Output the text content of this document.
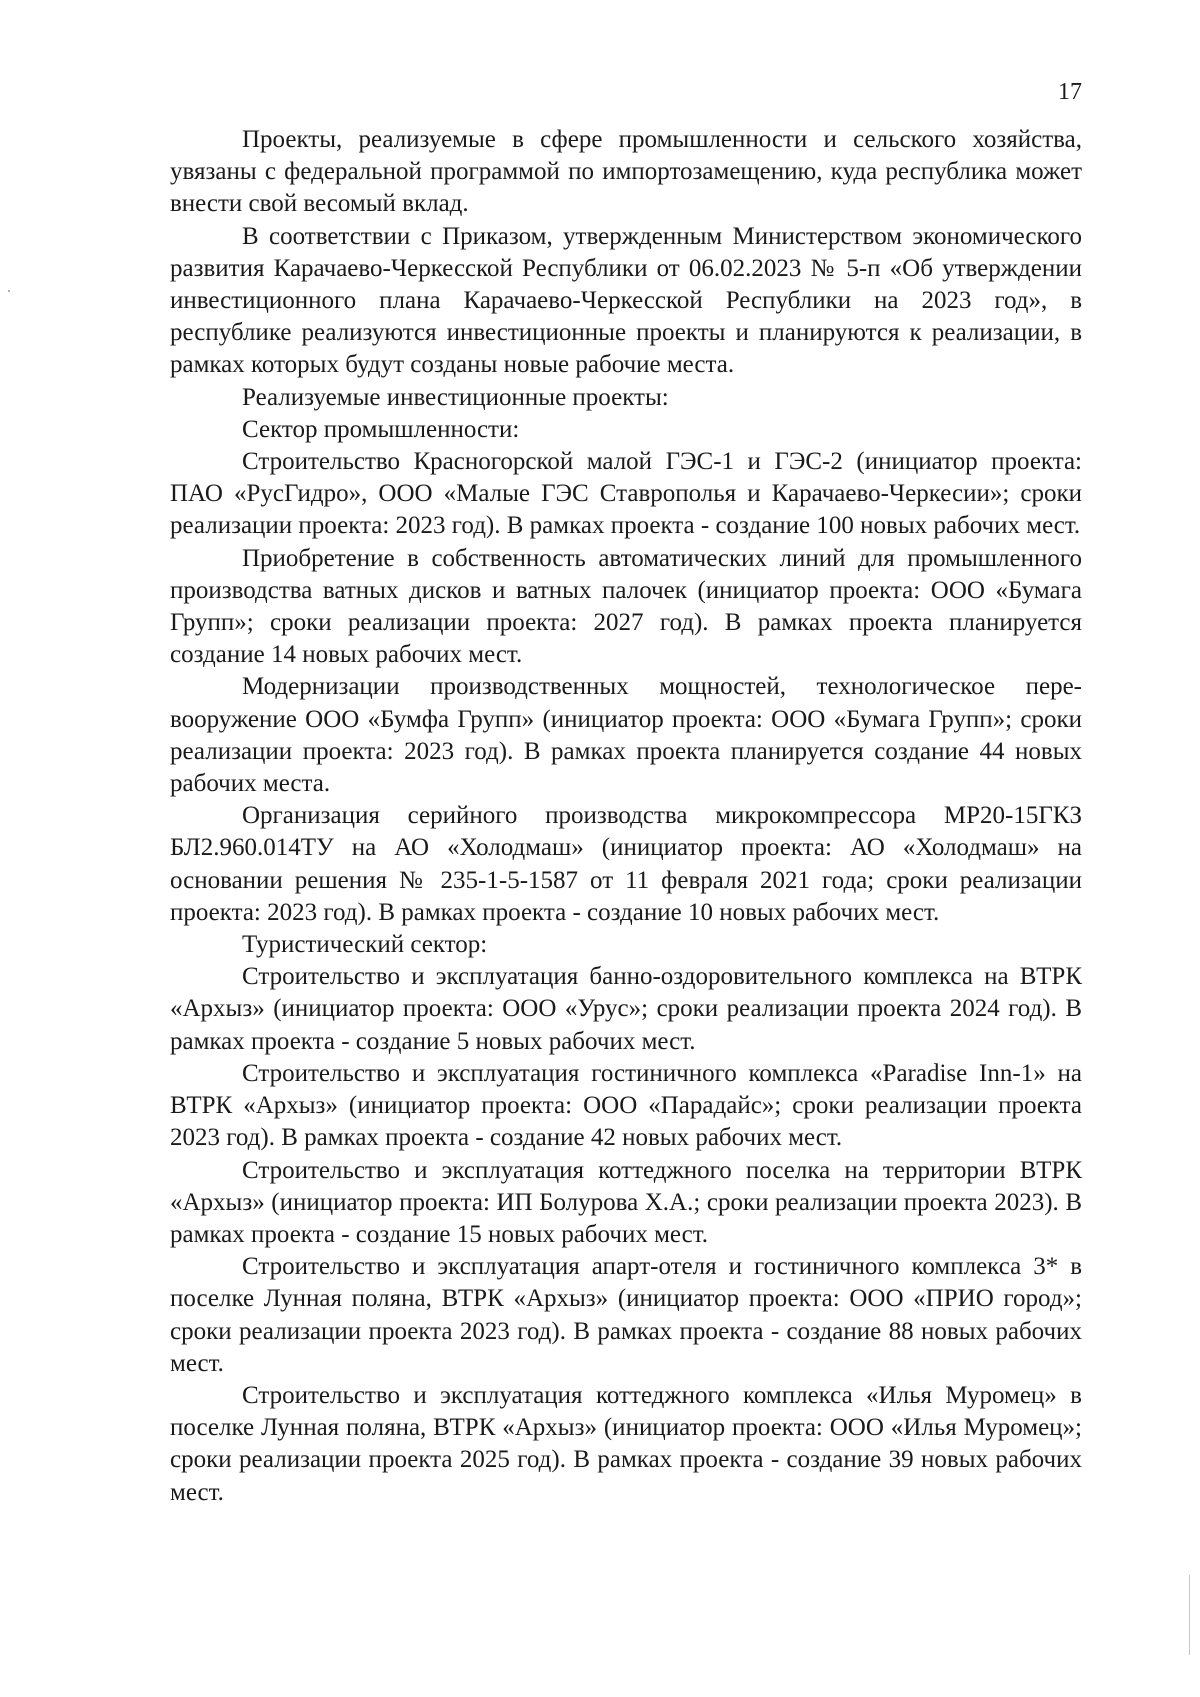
17

Проекты, реализуемые в сфере промышленности и сельского хозяйства, увязаны с федеральной программой по импортозамещению, куда республика может внести свой весомый вклад.

В соответствии с Приказом, утвержденным Министерством экономического развития Карачаево-Черкесской Республики от 06.02.2023 № 5-п «Об утверждении инвестиционного плана Карачаево-Черкесской Республики на 2023 год», в республике реализуются инвестиционные проекты и планируются к реализации, в рамках которых будут созданы новые рабочие места.

Реализуемые инвестиционные проекты:

Сектор промышленности:

Строительство Красногорской малой ГЭС-1 и ГЭС-2 (инициатор проекта: ПАО «РусГидро», ООО «Малые ГЭС Ставрополья и Карачаево-Черкесии»; сроки реализации проекта: 2023 год). В рамках проекта - создание 100 новых рабочих мест.

Приобретение в собственность автоматических линий для промышленного производства ватных дисков и ватных палочек (инициатор проекта: ООО «Бумага Групп»; сроки реализации проекта: 2027 год). В рамках проекта планируется создание 14 новых рабочих мест.

Модернизации производственных мощностей, технологическое перевооружение ООО «Бумфа Групп» (инициатор проекта: ООО «Бумага Групп»; сроки реализации проекта: 2023 год). В рамках проекта планируется создание 44 новых рабочих места.

Организация серийного производства микрокомпрессора МР20-15ГКЗ БЛ2.960.014ТУ на АО «Холодмаш» (инициатор проекта: АО «Холодмаш» на основании решения № 235-1-5-1587 от 11 февраля 2021 года; сроки реализации проекта: 2023 год). В рамках проекта - создание 10 новых рабочих мест.

Туристический сектор:

Строительство и эксплуатация банно-оздоровительного комплекса на ВТРК «Архыз» (инициатор проекта: ООО «Урус»; сроки реализации проекта 2024 год). В рамках проекта - создание 5 новых рабочих мест.

Строительство и эксплуатация гостиничного комплекса «Paradise Inn-1» на ВТРК «Архыз» (инициатор проекта: ООО «Парадайс»; сроки реализации проекта 2023 год). В рамках проекта - создание 42 новых рабочих мест.

Строительство и эксплуатация коттеджного поселка на территории ВТРК «Архыз» (инициатор проекта: ИП Болурова Х.А.; сроки реализации проекта 2023). В рамках проекта - создание 15 новых рабочих мест.

Строительство и эксплуатация апарт-отеля и гостиничного комплекса 3* в поселке Лунная поляна, ВТРК «Архыз» (инициатор проекта: ООО «ПРИО город»; сроки реализации проекта 2023 год). В рамках проекта - создание 88 новых рабочих мест.

Строительство и эксплуатация коттеджного комплекса «Илья Муромец» в поселке Лунная поляна, ВТРК «Архыз» (инициатор проекта: ООО «Илья Муромец»; сроки реализации проекта 2025 год). В рамках проекта - создание 39 новых рабочих мест.
